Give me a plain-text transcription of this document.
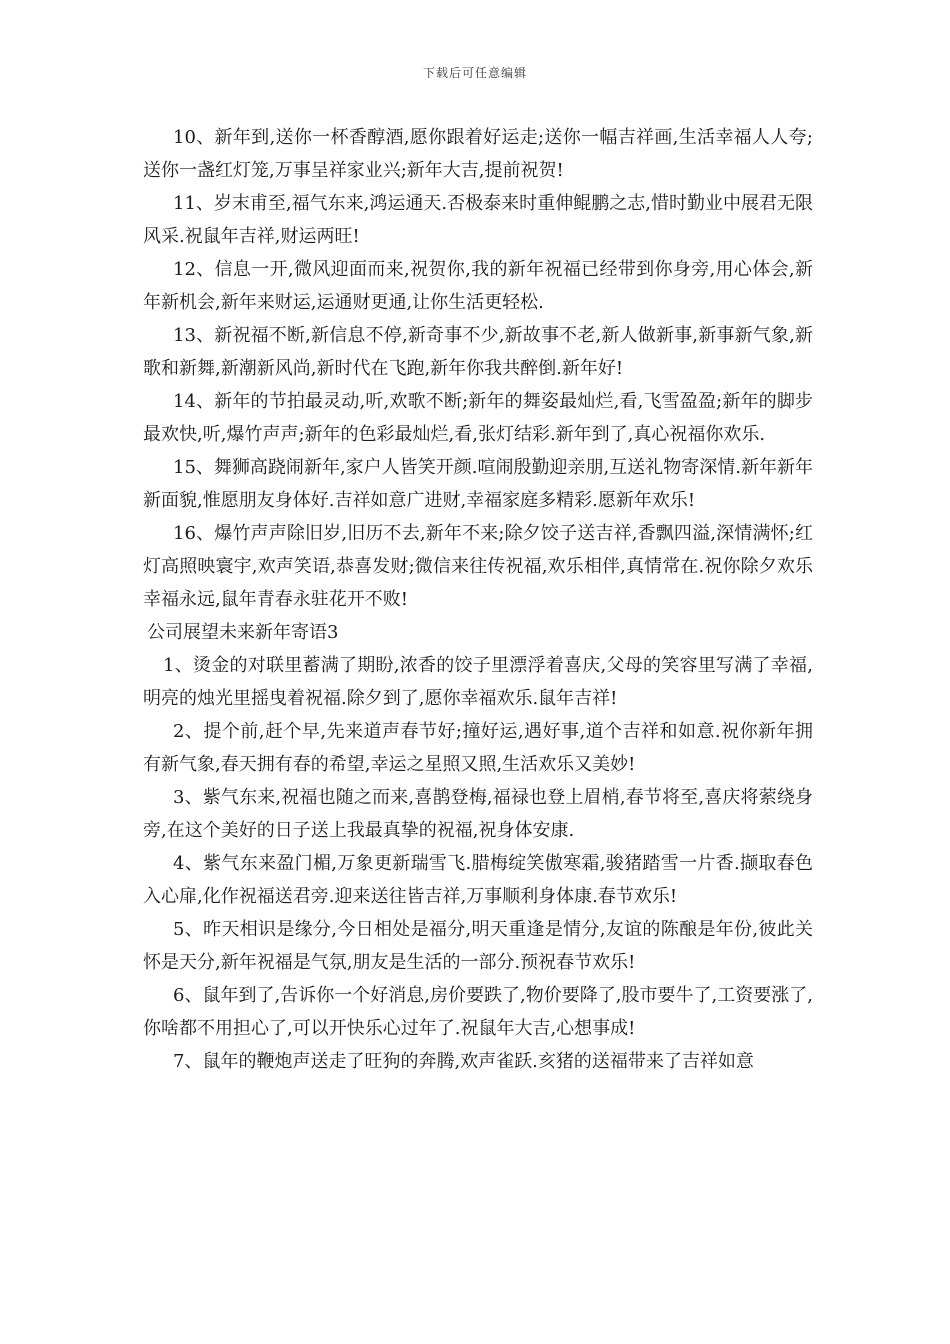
下载后可任意编辑

10、新年到,送你一杯香醇酒,愿你跟着好运走;送你一幅吉祥画,生活幸福人人夸;送你一盏红灯笼,万事呈祥家业兴;新年大吉,提前祝贺!

11、岁末甫至,福气东来,鸿运通天.否极泰来时重伸鲲鹏之志,惜时勤业中展君无限风采.祝鼠年吉祥,财运两旺!

12、信息一开,微风迎面而来,祝贺你,我的新年祝福已经带到你身旁,用心体会,新年新机会,新年来财运,运通财更通,让你生活更轻松.

13、新祝福不断,新信息不停,新奇事不少,新故事不老,新人做新事,新事新气象,新歌和新舞,新潮新风尚,新时代在飞跑,新年你我共醉倒.新年好!

14、新年的节拍最灵动,听,欢歌不断;新年的舞姿最灿烂,看,飞雪盈盈;新年的脚步最欢快,听,爆竹声声;新年的色彩最灿烂,看,张灯结彩.新年到了,真心祝福你欢乐.

15、舞狮高跷闹新年,家户人皆笑开颜.喧闹殷勤迎亲朋,互送礼物寄深情.新年新年新面貌,惟愿朋友身体好.吉祥如意广进财,幸福家庭多精彩.愿新年欢乐!

16、爆竹声声除旧岁,旧历不去,新年不来;除夕饺子送吉祥,香飘四溢,深情满怀;红灯高照映寰宇,欢声笑语,恭喜发财;微信来往传祝福,欢乐相伴,真情常在.祝你除夕欢乐幸福永远,鼠年青春永驻花开不败!

公司展望未来新年寄语3

1、烫金的对联里蓄满了期盼,浓香的饺子里漂浮着喜庆,父母的笑容里写满了幸福,明亮的烛光里摇曳着祝福.除夕到了,愿你幸福欢乐.鼠年吉祥!

2、提个前,赶个早,先来道声春节好;撞好运,遇好事,道个吉祥和如意.祝你新年拥有新气象,春天拥有春的希望,幸运之星照又照,生活欢乐又美妙!

3、紫气东来,祝福也随之而来,喜鹊登梅,福禄也登上眉梢,春节将至,喜庆将萦绕身旁,在这个美好的日子送上我最真挚的祝福,祝身体安康.

4、紫气东来盈门楣,万象更新瑞雪飞.腊梅绽笑傲寒霜,骏猪踏雪一片香.撷取春色入心扉,化作祝福送君旁.迎来送往皆吉祥,万事顺利身体康.春节欢乐!

5、昨天相识是缘分,今日相处是福分,明天重逢是情分,友谊的陈酿是年份,彼此关怀是天分,新年祝福是气氛,朋友是生活的一部分.预祝春节欢乐!

6、鼠年到了,告诉你一个好消息,房价要跌了,物价要降了,股市要牛了,工资要涨了,你啥都不用担心了,可以开快乐心过年了.祝鼠年大吉,心想事成!

7、鼠年的鞭炮声送走了旺狗的奔腾,欢声雀跃.亥猪的送福带来了吉祥如意
